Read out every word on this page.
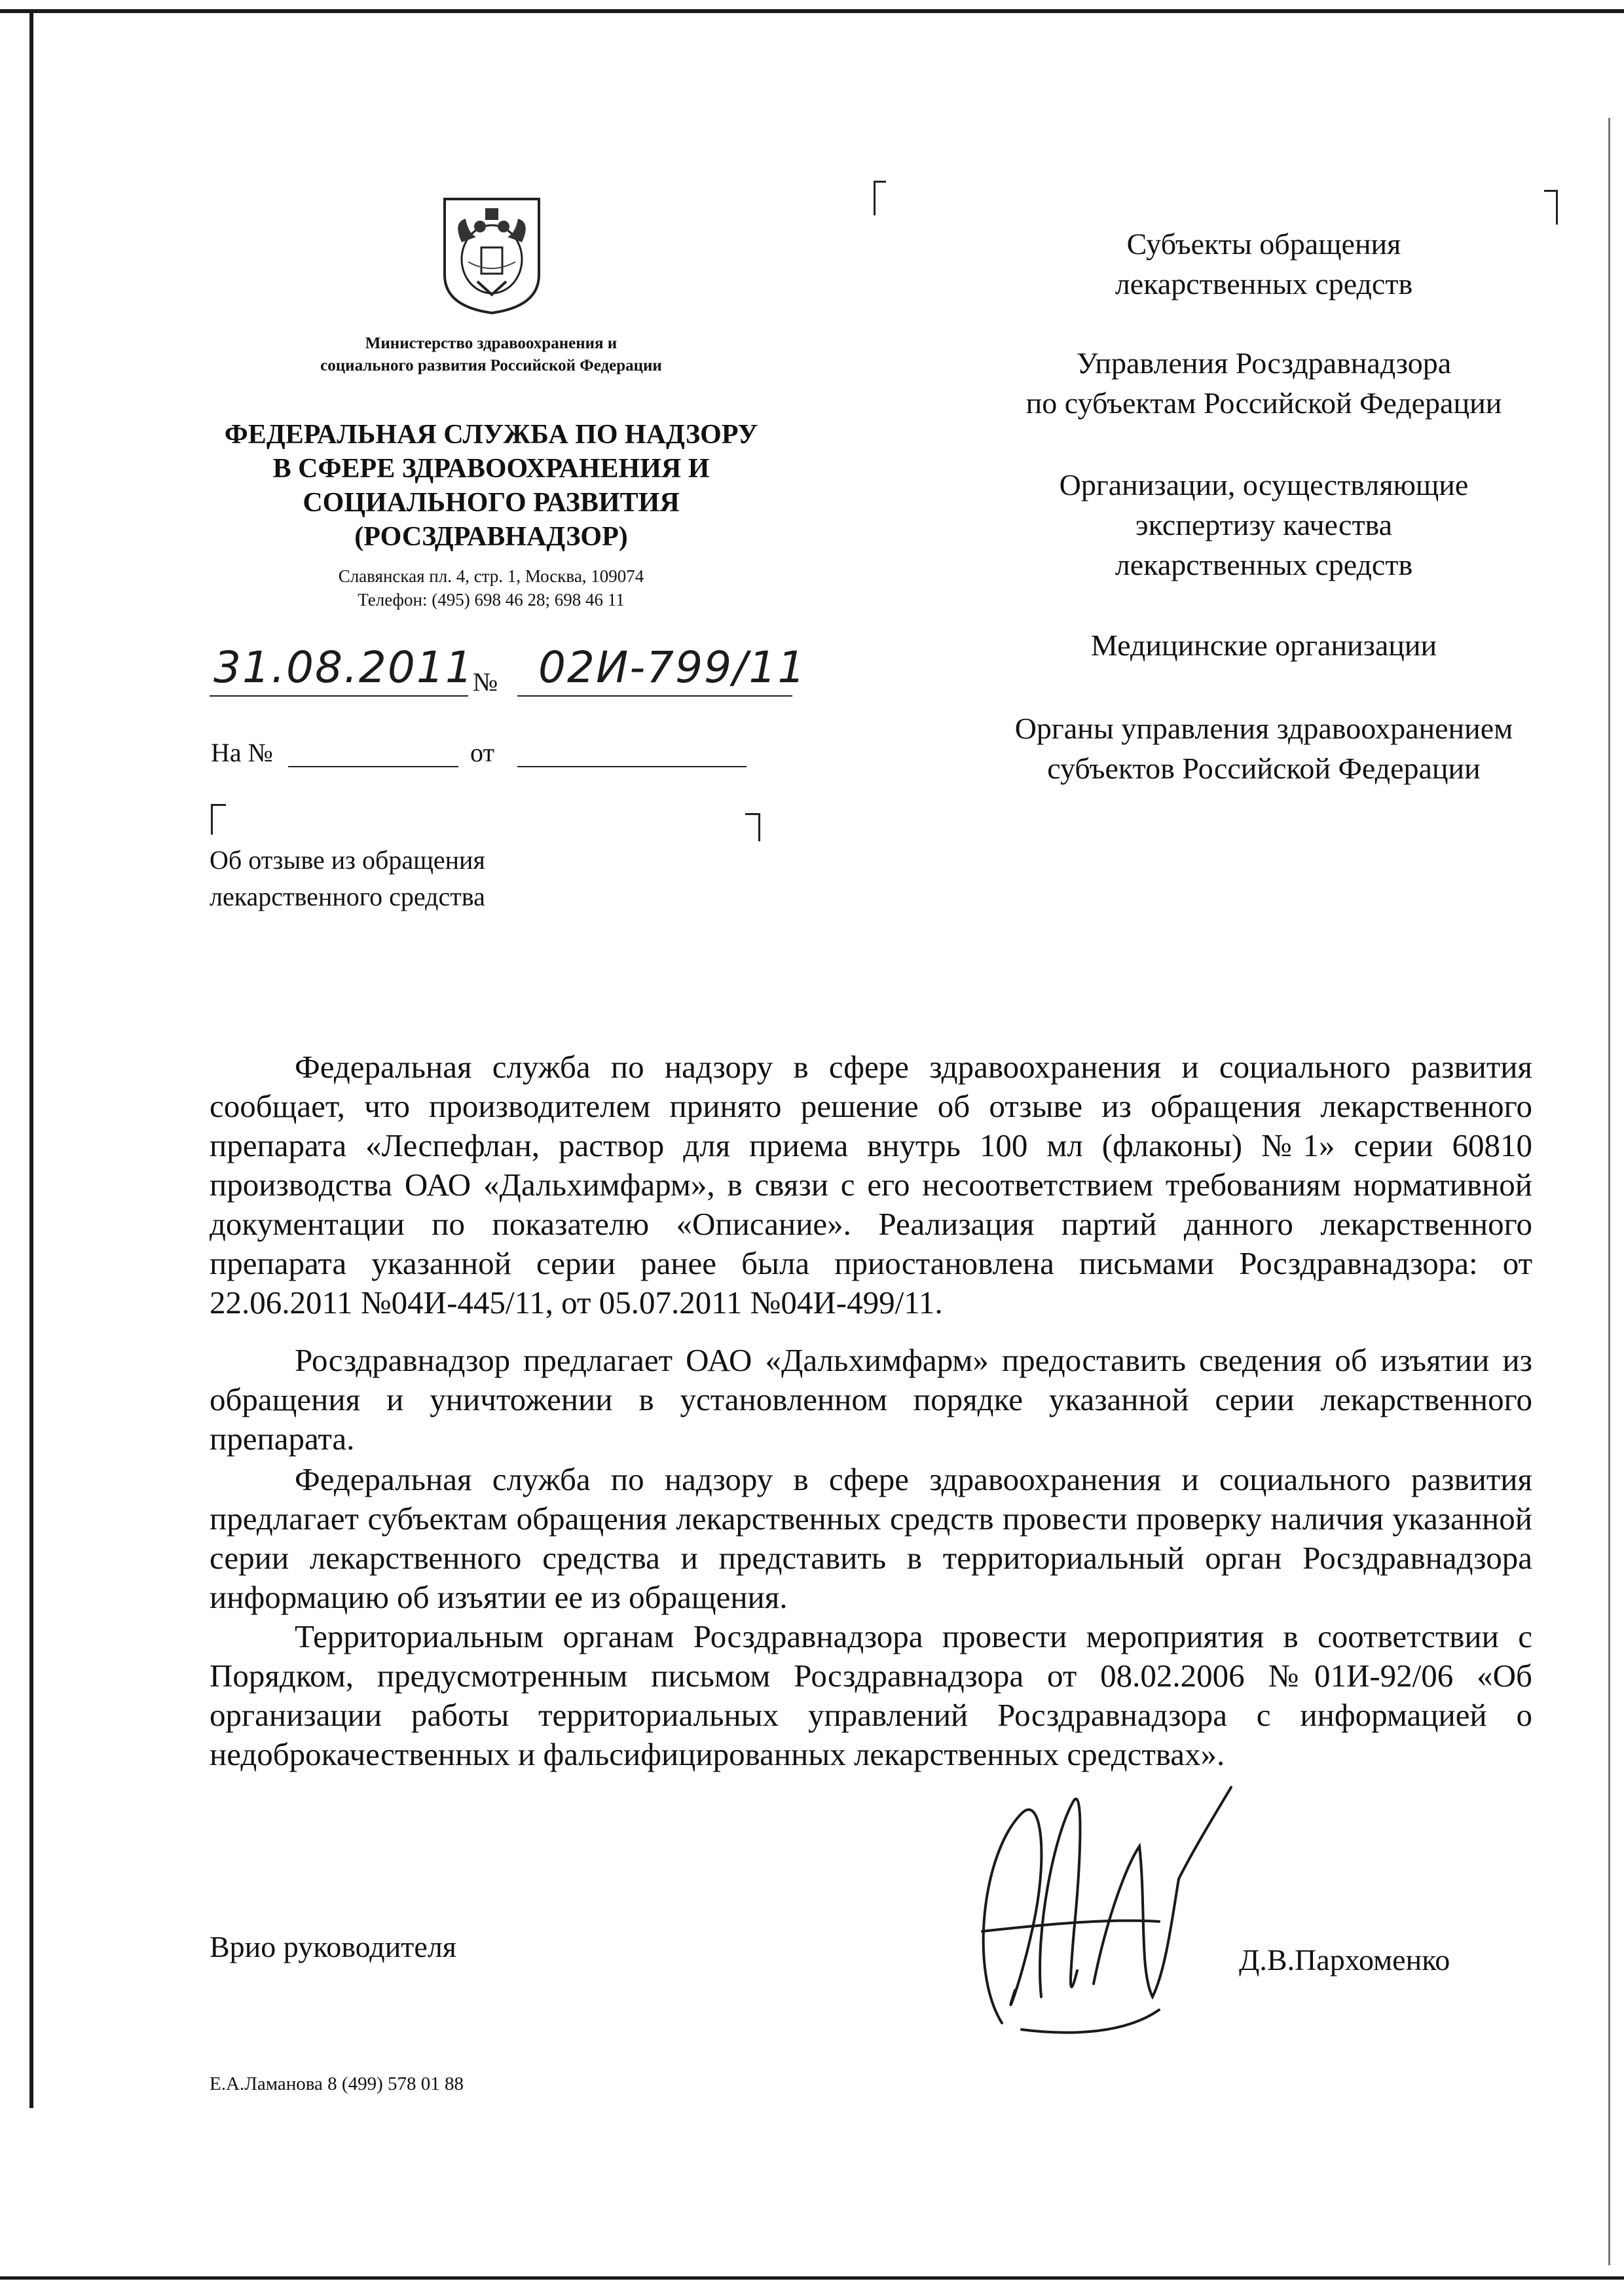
Министерство здравоохранения и
социального развития Российской Федерации
ФЕДЕРАЛЬНАЯ СЛУЖБА ПО НАДЗОРУ
В СФЕРЕ ЗДРАВООХРАНЕНИЯ И
СОЦИАЛЬНОГО РАЗВИТИЯ
(РОСЗДРАВНАДЗОР)
Славянская пл. 4, стр. 1, Москва, 109074
Телефон: (495) 698 46 28; 698 46 11
31.08.2011
№ 02И-799/11
На №	от
Об отзыве из обращения
лекарственного средства
Субъекты обращения
лекарственных средств
Управления Росздравнадзора
по субъектам Российской Федерации
Организации, осуществляющие
экспертизу качества
лекарственных средств
Медицинские организации
Органы управления здравоохранением
субъектов Российской Федерации

Федеральная служба по надзору в сфере здравоохранения и социального развития сообщает, что производителем принято решение об отзыве из обращения лекарственного препарата «Леспефлан, раствор для приема внутрь 100 мл (флаконы) №1» серии 60810 производства ОАО «Дальхимфарм», в связи с его несоответствием требованиям нормативной документации по показателю «Описание». Реализация партий данного лекарственного препарата указанной серии ранее была приостановлена письмами Росздравнадзора: от 22.06.2011 №04И-445/11, от 05.07.2011 №04И-499/11.

Росздравнадзор предлагает ОАО «Дальхимфарм» предоставить сведения об изъятии из обращения и уничтожении в установленном порядке указанной серии лекарственного препарата.

Федеральная служба по надзору в сфере здравоохранения и социального развития предлагает субъектам обращения лекарственных средств провести проверку наличия указанной серии лекарственного средства и представить в территориальный орган Росздравнадзора информацию об изъятии ее из обращения.

Территориальным органам Росздравнадзора провести мероприятия в соответствии с Порядком, предусмотренным письмом Росздравнадзора от 08.02.2006 №01И-92/06 «Об организации работы территориальных управлений Росздравнадзора с информацией о недоброкачественных и фальсифицированных лекарственных средствах».

Врио руководителя	Д.В.Пархоменко
Е.А.Ламанова 8 (499) 578 01 88
